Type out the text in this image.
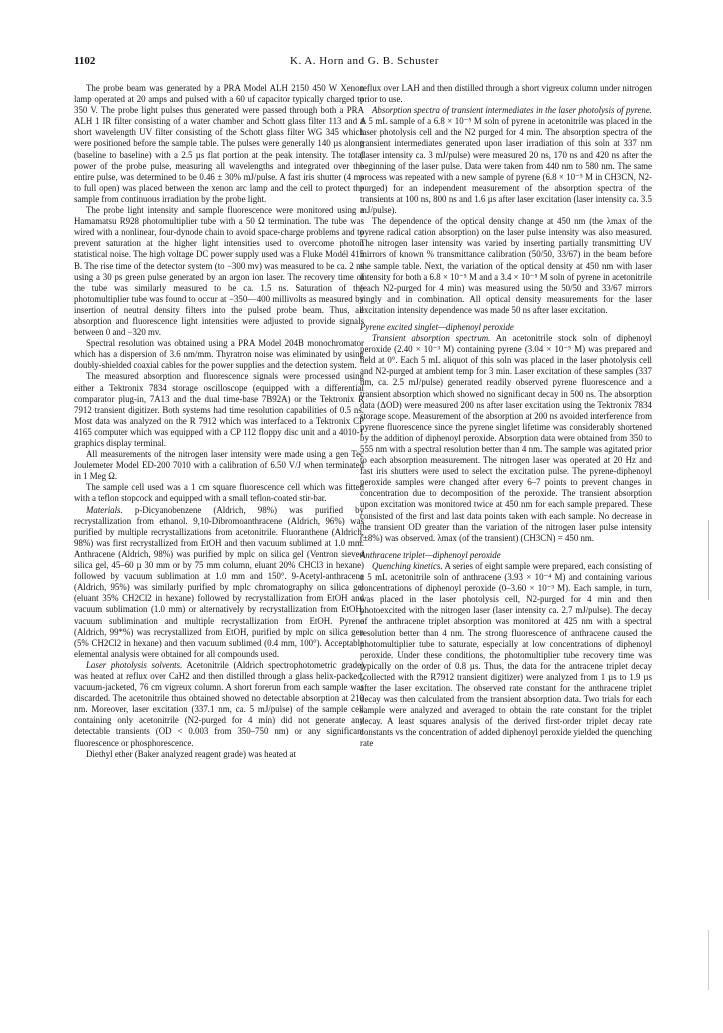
1102	K. A. Horn and G. B. Schuster

The probe beam was generated by a PRA Model ALH 2150 450 W Xenon lamp operated at 20 amps and pulsed with a 60 uf capacitor typically charged to 350 V. The probe light pulses thus generated were passed through both a PRA ALH 1 IR filter consisting of a water chamber and Schott glass filter 113 and a short wavelength UV filter consisting of the Schott glass filter WG 345 which were positioned before the sample table. The pulses were generally 140 µs along (baseline to baseline) with a 2.5 µs flat portion at the peak intensity. The total power of the probe pulse, measuring all wavelengths and integrated over the entire pulse, was determined to be 0.46 ± 30% mJ/pulse. A fast iris shutter (4 ms to full open) was placed between the xenon arc lamp and the cell to protect the sample from continuous irradiation by the probe light.

The probe light intensity and sample fluorescence were monitored using a Hamamatsu R928 photomultiplier tube with a 50 Ω termination. The tube was wired with a nonlinear, four-dynode chain to avoid space-charge problems and to prevent saturation at the higher light intensities used to overcome photon statistical noise. The high voltage DC power supply used was a Fluke Modél 415 B. The rise time of the detector system (to −300 mv) was measured to be ca. 2 ns using a 30 ps green pulse generated by an argon ion laser. The recovery time of the tube was similarly measured to be ca. 1.5 ns. Saturation of the photomultiplier tube was found to occur at −350–−400 millivolts as measured by insertion of neutral density filters into the pulsed probe beam. Thus, all absorption and fluorescence light intensities were adjusted to provide signals between 0 and −320 mv.

Spectral resolution was obtained using a PRA Model 204B monochromator which has a dispersion of 3.6 nm/mm. Thyratron noise was eliminated by using doubly-shielded coaxial cables for the power supplies and the detection system.

The measured absorption and fluorescence signals were processed using either a Tektronix 7834 storage oscilloscope (equipped with a differential comparator plug-in, 7A13 and the dual time-base 7B92A) or the Tektronix R 7912 transient digitizer. Both systems had time resolution capabilities of 0.5 ns. Most data was analyzed on the R 7912 which was interfaced to a Tektronix CP 4165 computer which was equipped with a CP 112 floppy disc unit and a 4010-1 graphics display terminal.

All measurements of the nitrogen laser intensity were made using a gen Tec Joulemeter Model ED-200 7010 with a calibration of 6.50 V/J when terminated in 1 Meg Ω.

The sample cell used was a 1 cm square fluorescence cell which was fitted with a teflon stopcock and equipped with a small teflon-coated stir-bar.

Materials. p-Dicyanobenzene (Aldrich, 98%) was purified by recrystallization from ethanol. 9,10-Dibromoanthracene (Aldrich, 96%) was purified by multiple recrystallizations from acetonitrile. Fluoranthene (Aldrich, 98%) was first recrystallized from EtOH and then vacuum sublimed at 1.0 mm. Anthracene (Aldrich, 98%) was purified by mplc on silica gel (Ventron sieved silica gel, 45–60 µ 30 mm or by 75 mm column, eluant 20% CHCl3 in hexane) followed by vacuum sublimation at 1.0 mm and 150°. 9-Acetyl-anthracene (Aldrich, 95%) was similarly purified by mplc chromatography on silica gel (eluant 35% CH2Cl2 in hexane) followed by recrystallization from EtOH and vacuum sublimation (1.0 mm) or alternatively by recrystallization from EtOH, vacuum sublimination and multiple recrystallization from EtOH. Pyrene (Aldrich, 99*%) was recrystallized from EtOH, purified by mplc on silica gen (5% CH2Cl2 in hexane) and then vacuum sublimed (0.4 mm, 100°). Acceptable elemental analysis were obtained for all compounds used.

Laser photolysis solvents. Acetonitrile (Aldrich spectrophotometric grade) was heated at reflux over CaH2 and then distilled through a glass helix-packed, vacuum-jacketed, 76 cm vigreux column. A short forerun from each sample was discarded. The acetonitrile thus obtained showed no detectable absorption at 210 nm. Moreover, laser excitation (337.1 nm, ca. 5 mJ/pulse) of the sample cell containing only acetonitrile (N2-purged for 4 min) did not generate any detectable transients (OD < 0.003 from 350–750 nm) or any significant fluorescence or phosphorescence.

Diethyl ether (Baker analyzed reagent grade) was heated at

reflux over LAH and then distilled through a short vigreux column under nitrogen prior to use.

Absorption spectra of transient intermediates in the laser photolysis of pyrene. A 5 mL sample of a 6.8 × 10⁻⁵ M soln of pyrene in acetonitrile was placed in the laser photolysis cell and the N2 purged for 4 min. The absorption spectra of the transient intermediates generated upon laser irradiation of this soln at 337 nm (laser intensity ca. 3 mJ/pulse) were measured 20 ns, 170 ns and 420 ns after the beginning of the laser pulse. Data were taken from 440 nm to 580 nm. The same process was repeated with a new sample of pyrene (6.8 × 10⁻⁵ M in CH3CN, N2-purged) for an independent measurement of the absorption spectra of the transients at 100 ns, 800 ns and 1.6 µs after laser excitation (laser intensity ca. 3.5 mJ/pulse).

The dependence of the optical density change at 450 nm (the λmax of the pyrene radical cation absorption) on the laser pulse intensity was also measured. The nitrogen laser intensity was varied by inserting partially transmitting UV mirrors of known % transmittance calibration (50/50, 33/67) in the beam before the sample table. Next, the variation of the optical density at 450 nm with laser intensity for both a 6.8 × 10⁻⁵ M and a 3.4 × 10⁻⁵ M soln of pyrene in acetonitrile (each N2-purged for 4 min) was measured using the 50/50 and 33/67 mirrors singly and in combination. All optical density measurements for the laser excitation intensity dependence was made 50 ns after laser excitation.

Pyrene excited singlet—diphenoyl peroxide

Transient absorption spectrum. An acetonitrile stock soln of diphenoyl peroxide (2.40 × 10⁻³ M) containing pyrene (3.04 × 10⁻⁵ M) was prepared and held at 0°. Each 5 mL aliquot of this soln was placed in the laser photolysis cell and N2-purged at ambient temp for 3 min. Laser excitation of these samples (337 nm, ca. 2.5 mJ/pulse) generated readily observed pyrene fluorescence and a transient absorption which showed no significant decay in 500 ns. The absorption data (ΔOD) were measured 200 ns after laser excitation using the Tektronix 7834 storage scope. Measurement of the absorption at 200 ns avoided interference from pyrene fluorescence since the pyrene singlet lifetime was considerably shortened by the addition of diphenoyl peroxide. Absorption data were obtained from 350 to 555 nm with a spectral resolution better than 4 nm. The sample was agitated prior to each absorption measurement. The nitrogen laser was operated at 20 Hz and fast iris shutters were used to select the excitation pulse. The pyrene-diphenoyl peroxide samples were changed after every 6–7 points to prevent changes in concentration due to decomposition of the peroxide. The transient absorption upon excitation was monitored twice at 450 nm for each sample prepared. These consisted of the first and last data points taken with each sample. No decrease in the transient OD greater than the variation of the nitrogen laser pulse intensity (±8%) was observed. λmax (of the transient) (CH3CN) = 450 nm.

Anthracene triplet—diphenoyl peroxide

Quenching kinetics. A series of eight sample were prepared, each consisting of a 5 mL acetonitrile soln of anthracene (3.93 × 10⁻⁴ M) and containing various concentrations of diphenoyl peroxide (0–3.60 × 10⁻³ M). Each sample, in turn, was placed in the laser photolysis cell, N2-purged for 4 min and then photoexcited with the nitrogen laser (laser intensity ca. 2.7 mJ/pulse). The decay of the anthracene triplet absorption was monitored at 425 nm with a spectral resolution better than 4 nm. The strong fluorescence of anthracene caused the photomultiplier tube to saturate, especially at low concentrations of diphenoyl peroxide. Under these conditions, the photomultiplier tube recovery time was typically on the order of 0.8 µs. Thus, the data for the antracene triplet decay (collected with the R7912 transient digitizer) were analyzed from 1 µs to 1.9 µs after the laser excitation. The observed rate constant for the anthracene triplet decay was then calculated from the transient absorption data. Two trials for each sample were analyzed and averaged to obtain the rate constant for the triplet decay. A least squares analysis of the derived first-order triplet decay rate constants vs the concentration of added diphenoyl peroxide yielded the quenching rate
